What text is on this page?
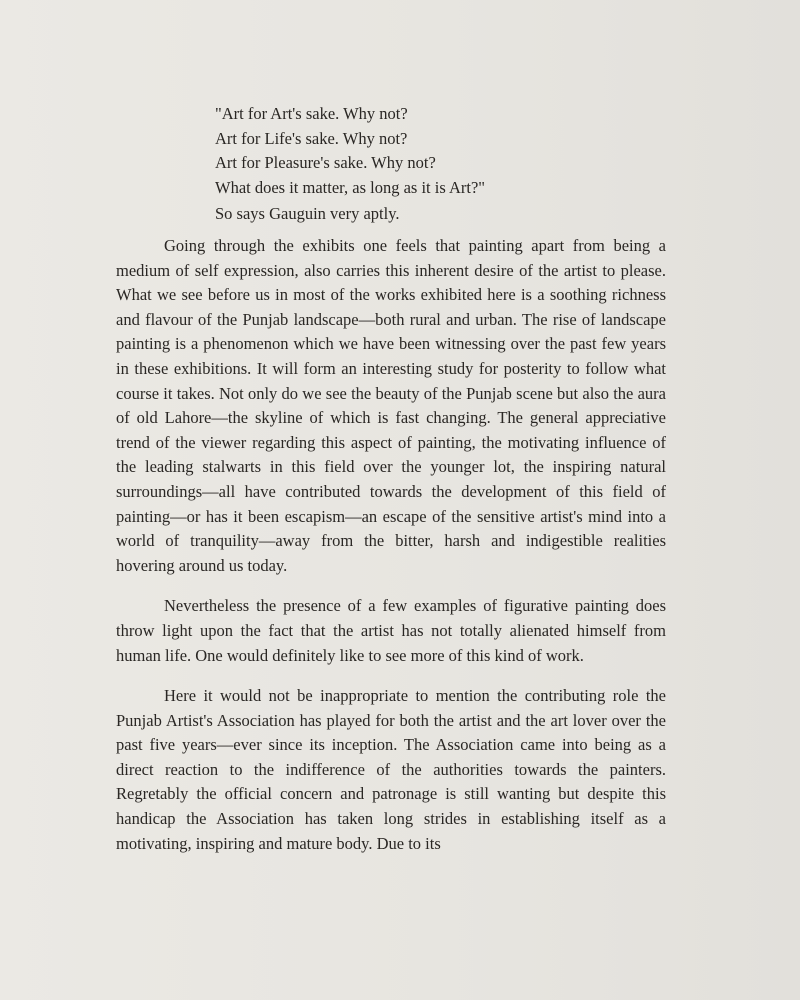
"Art for Art's sake. Why not?
Art for Life's sake. Why not?
Art for Pleasure's sake. Why not?
What does it matter, as long as it is Art?"
So says Gauguin very aptly.

Going through the exhibits one feels that painting apart from being a medium of self expression, also carries this inherent desire of the artist to please. What we see before us in most of the works exhibited here is a soothing richness and flavour of the Punjab landscape—both rural and urban. The rise of landscape painting is a phenomenon which we have been witnessing over the past few years in these exhibitions. It will form an interesting study for posterity to follow what course it takes. Not only do we see the beauty of the Punjab scene but also the aura of old Lahore—the skyline of which is fast changing. The general appreciative trend of the viewer regarding this aspect of painting, the motivating influence of the leading stalwarts in this field over the younger lot, the inspiring natural surroundings—all have contributed towards the development of this field of painting—or has it been escapism—an escape of the sensitive artist's mind into a world of tranquility—away from the bitter, harsh and indigestible realities hovering around us today.

Nevertheless the presence of a few examples of figurative painting does throw light upon the fact that the artist has not totally alienated himself from human life. One would definitely like to see more of this kind of work.

Here it would not be inappropriate to mention the contributing role the Punjab Artist's Association has played for both the artist and the art lover over the past five years—ever since its inception. The Association came into being as a direct reaction to the indifference of the authorities towards the painters. Regretably the official concern and patronage is still wanting but despite this handicap the Association has taken long strides in establishing itself as a motivating, inspiring and mature body. Due to its
